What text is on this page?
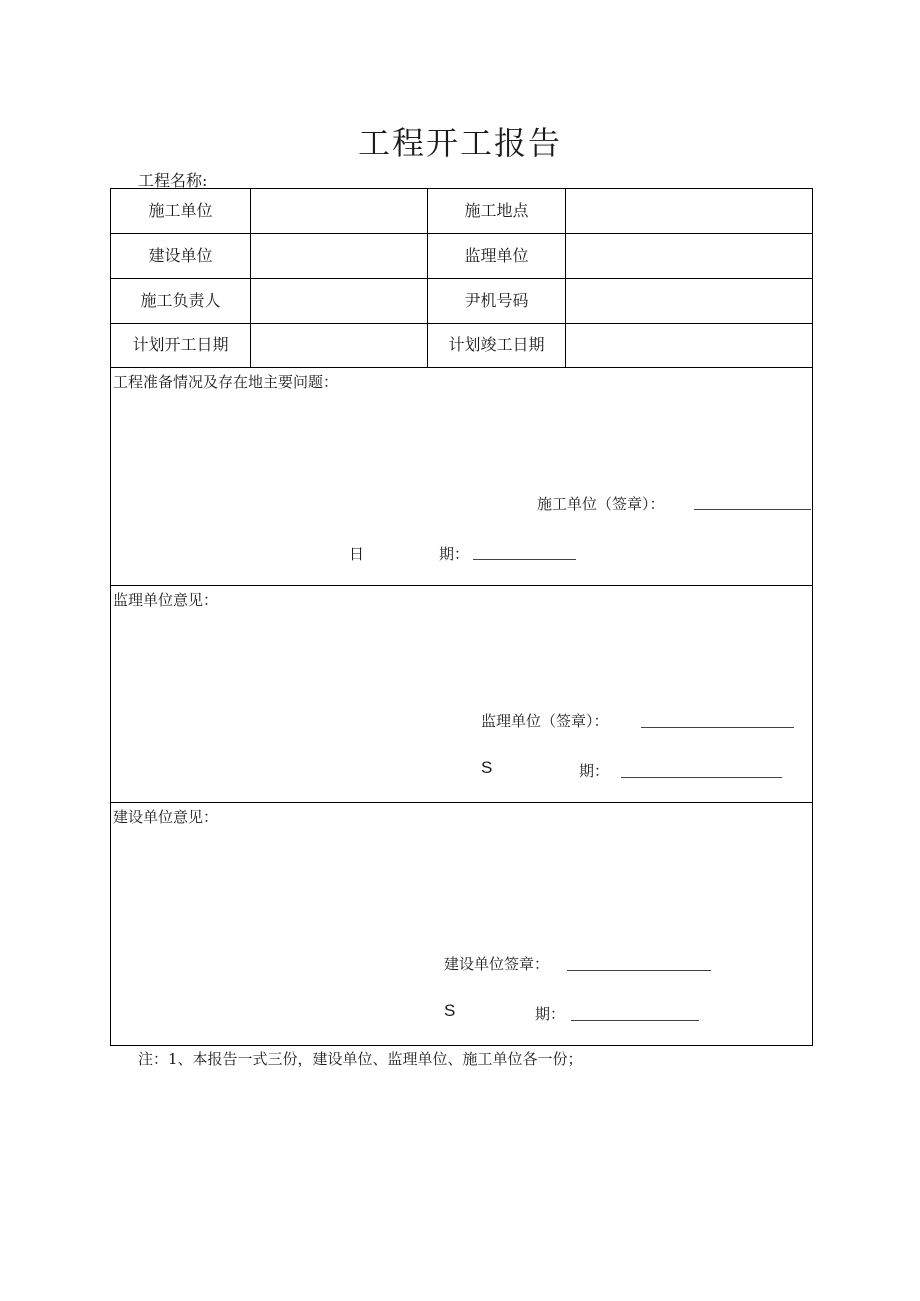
工程开工报告
工程名称:
施工单位	施工地点
建设单位	监理单位
施工负责人	尹机号码
计划开工日期	计划竣工日期
工程准备情况及存在地主要问题：
施工单位（签章）：
日	期：
监理单位意见：
监理单位（签章）：
S	期：
建设单位意见：
建设单位签章：
S	期：
注：1、本报告一式三份，建设单位、监理单位、施工单位各一份；
